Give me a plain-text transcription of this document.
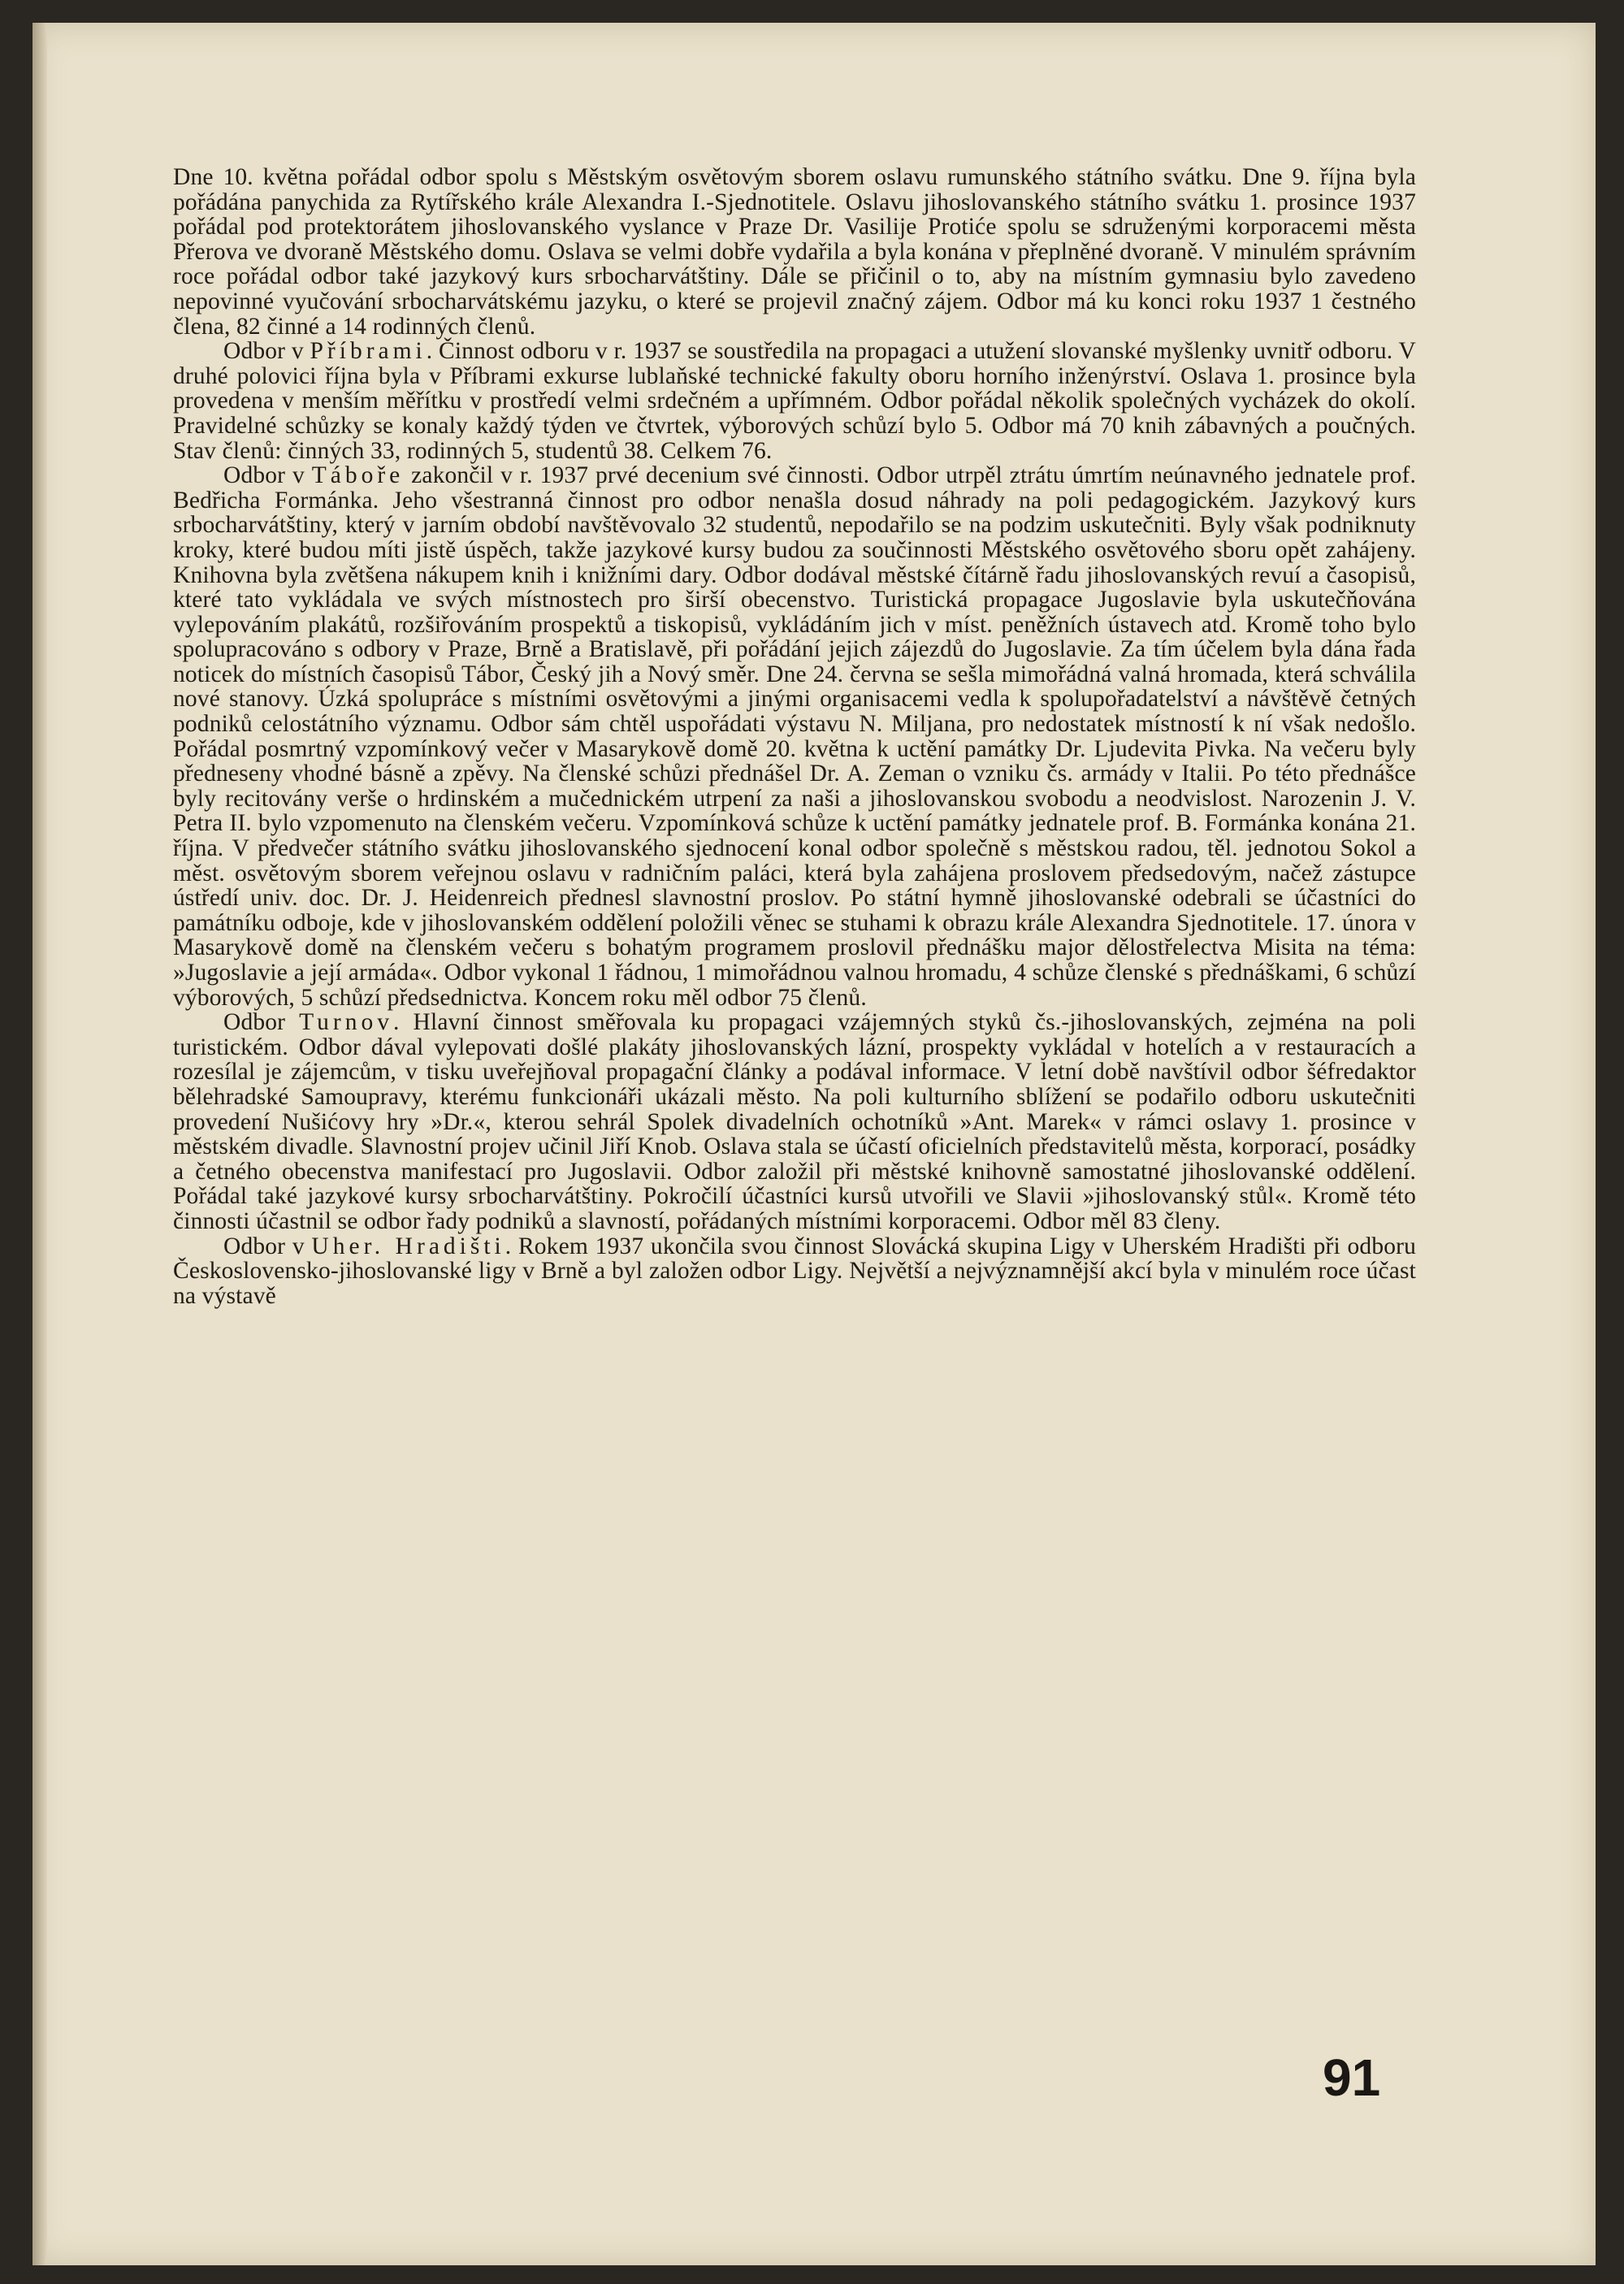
Dne 10. května pořádal odbor spolu s Městským osvětovým sborem oslavu rumunského státního svátku. Dne 9. října byla pořádána panychida za Rytířského krále Alexandra I.-Sjednotitele. Oslavu jihoslovanského státního svátku 1. prosince 1937 pořádal pod protektorátem jihoslovanského vyslance v Praze Dr. Vasilije Protiće spolu se sdruženými korporacemi města Přerova ve dvoraně Městského domu. Oslava se velmi dobře vydařila a byla konána v přeplněné dvoraně. V minulém správním roce pořádal odbor také jazykový kurs srbocharvátštiny. Dále se přičinil o to, aby na místním gymnasiu bylo zavedeno nepovinné vyučování srbocharvátskému jazyku, o které se projevil značný zájem. Odbor má ku konci roku 1937 1 čestného člena, 82 činné a 14 rodinných členů.

Odbor v Příbrami. Činnost odboru v r. 1937 se soustředila na propagaci a utužení slovanské myšlenky uvnitř odboru. V druhé polovici října byla v Příbrami exkurse lublaňské technické fakulty oboru horního inženýrství. Oslava 1. prosince byla provedena v menším měřítku v prostředí velmi srdečném a upřímném. Odbor pořádal několik společných vycházek do okolí. Pravidelné schůzky se konaly každý týden ve čtvrtek, výborových schůzí bylo 5. Odbor má 70 knih zábavných a poučných. Stav členů: činných 33, rodinných 5, studentů 38. Celkem 76.

Odbor v Táboře zakončil v r. 1937 prvé decenium své činnosti. Odbor utrpěl ztrátu úmrtím neúnavného jednatele prof. Bedřicha Formánka. Jeho všestranná činnost pro odbor nenašla dosud náhrady na poli pedagogickém. Jazykový kurs srbocharvátštiny, který v jarním období navštěvovalo 32 studentů, nepodařilo se na podzim uskutečniti. Byly však podniknuty kroky, které budou míti jistě úspěch, takže jazykové kursy budou za součinnosti Městského osvětového sboru opět zahájeny. Knihovna byla zvětšena nákupem knih i knižními dary. Odbor dodával městské čítárně řadu jihoslovanských revuí a časopisů, které tato vykládala ve svých místnostech pro širší obecenstvo. Turistická propagace Jugoslavie byla uskutečňována vylepováním plakátů, rozšiřováním prospektů a tiskopisů, vykládáním jich v míst. peněžních ústavech atd. Kromě toho bylo spolupracováno s odbory v Praze, Brně a Bratislavě, při pořádání jejich zájezdů do Jugoslavie. Za tím účelem byla dána řada noticek do místních časopisů Tábor, Český jih a Nový směr. Dne 24. června se sešla mimořádná valná hromada, která schválila nové stanovy. Úzká spolupráce s místními osvětovými a jinými organisacemi vedla k spolupořadatelství a návštěvě četných podniků celostátního významu. Odbor sám chtěl uspořádati výstavu N. Miljana, pro nedostatek místností k ní však nedošlo. Pořádal posmrtný vzpomínkový večer v Masarykově domě 20. května k uctění památky Dr. Ljudevita Pivka. Na večeru byly předneseny vhodné básně a zpěvy. Na členské schůzi přednášel Dr. A. Zeman o vzniku čs. armády v Italii. Po této přednášce byly recitovány verše o hrdinském a mučednickém utrpení za naši a jihoslovanskou svobodu a neodvislost. Narozenin J. V. Petra II. bylo vzpomenuto na členském večeru. Vzpomínková schůze k uctění památky jednatele prof. B. Formánka konána 21. října. V předvečer státního svátku jihoslovanského sjednocení konal odbor společně s městskou radou, těl. jednotou Sokol a měst. osvětovým sborem veřejnou oslavu v radničním paláci, která byla zahájena proslovem předsedovým, načež zástupce ústředí univ. doc. Dr. J. Heidenreich přednesl slavnostní proslov. Po státní hymně jihoslovanské odebrali se účastníci do památníku odboje, kde v jihoslovanském oddělení položili věnec se stuhami k obrazu krále Alexandra Sjednotitele. 17. února v Masarykově domě na členském večeru s bohatým programem proslovil přednášku major dělostřelectva Misita na téma: »Jugoslavie a její armáda«. Odbor vykonal 1 řádnou, 1 mimořádnou valnou hromadu, 4 schůze členské s přednáškami, 6 schůzí výborových, 5 schůzí předsednictva. Koncem roku měl odbor 75 členů.

Odbor Turnov. Hlavní činnost směřovala ku propagaci vzájemných styků čs.-jihoslovanských, zejména na poli turistickém. Odbor dával vylepovati došlé plakáty jihoslovanských lázní, prospekty vykládal v hotelích a v restauracích a rozesílal je zájemcům, v tisku uveřejňoval propagační články a podával informace. V letní době navštívil odbor šéfredaktor bělehradské Samoupravy, kterému funkcionáři ukázali město. Na poli kulturního sblížení se podařilo odboru uskutečniti provedení Nušićovy hry »Dr.«, kterou sehrál Spolek divadelních ochotníků »Ant. Marek« v rámci oslavy 1. prosince v městském divadle. Slavnostní projev učinil Jiří Knob. Oslava stala se účastí oficielních představitelů města, korporací, posádky a četného obecenstva manifestací pro Jugoslavii. Odbor založil při městské knihovně samostatné jihoslovanské oddělení. Pořádal také jazykové kursy srbocharvátštiny. Pokročilí účastníci kursů utvořili ve Slavii »jihoslovanský stůl«. Kromě této činnosti účastnil se odbor řady podniků a slavností, pořádaných místními korporacemi. Odbor měl 83 členy.

Odbor v Uher. Hradišti. Rokem 1937 ukončila svou činnost Slovácká skupina Ligy v Uherském Hradišti při odboru Československo-jihoslovanské ligy v Brně a byl založen odbor Ligy. Největší a nejvýznamnější akcí byla v minulém roce účast na výstavě

91
